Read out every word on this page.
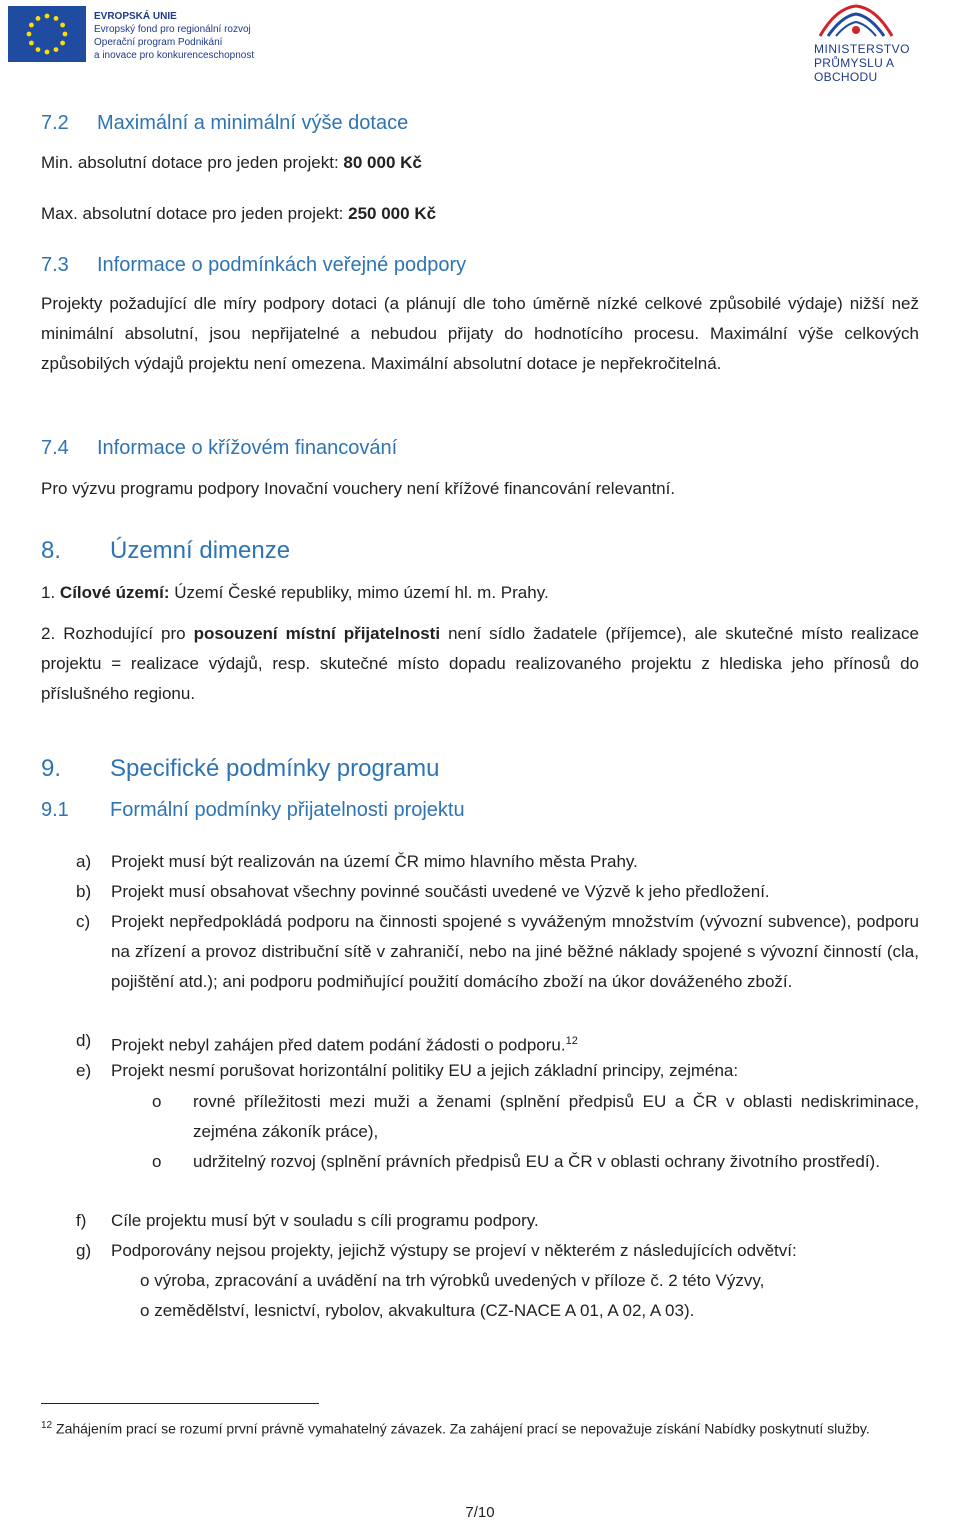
EVROPSKÁ UNIE
Evropský fond pro regionální rozvoj
Operační program Podnikání
a inovace pro konkurenceschopnost	MINISTERSTVO
PRŮMYSLU A OBCHODU
7.2 Maximální a minimální výše dotace
Min. absolutní dotace pro jeden projekt: 80 000 Kč
Max. absolutní dotace pro jeden projekt: 250 000 Kč
7.3 Informace o podmínkách veřejné podpory
Projekty požadující dle míry podpory dotaci (a plánují dle toho úměrně nízké celkové způsobilé výdaje) nižší než minimální absolutní, jsou nepřijatelné a nebudou přijaty do hodnotícího procesu. Maximální výše celkových způsobilých výdajů projektu není omezena. Maximální absolutní dotace je nepřekročitelná.
7.4 Informace o křížovém financování
Pro výzvu programu podpory Inovační vouchery není křížové financování relevantní.
8. Územní dimenze
1. Cílové území: Území České republiky, mimo území hl. m. Prahy.
2. Rozhodující pro posouzení místní přijatelnosti není sídlo žadatele (příjemce), ale skutečné místo realizace projektu = realizace výdajů, resp. skutečné místo dopadu realizovaného projektu z hlediska jeho přínosů do příslušného regionu.
9. Specifické podmínky programu
9.1 Formální podmínky přijatelnosti projektu
a) Projekt musí být realizován na území ČR mimo hlavního města Prahy.
b) Projekt musí obsahovat všechny povinné součásti uvedené ve Výzvě k jeho předložení.
c) Projekt nepředpokládá podporu na činnosti spojené s vyváženým množstvím (vývozní subvence), podporu na zřízení a provoz distribuční sítě v zahraničí, nebo na jiné běžné náklady spojené s vývozní činností (cla, pojištění atd.); ani podporu podmiňující použití domácího zboží na úkor dováženého zboží.
d) Projekt nebyl zahájen před datem podání žádosti o podporu.$^{12}$
e) Projekt nesmí porušovat horizontální politiky EU a jejich základní principy, zejména:
o rovné příležitosti mezi muži a ženami (splnění předpisů EU a ČR v oblasti nediskriminace, zejména zákoník práce),
o udržitelný rozvoj (splnění právních předpisů EU a ČR v oblasti ochrany životního prostředí).
f) Cíle projektu musí být v souladu s cíli programu podpory.
g) Podporovány nejsou projekty, jejichž výstupy se projeví v některém z následujících odvětví:
o výroba, zpracování a uvádění na trh výrobků uvedených v příloze č. 2 této Výzvy,
o zemědělství, lesnictví, rybolov, akvakultura (CZ-NACE A 01, A 02, A 03).
$^{12}$ Zahájením prací se rozumí první právně vymahatelný závazek. Za zahájení prací se nepovažuje získání Nabídky poskytnutí služby.
7/10
